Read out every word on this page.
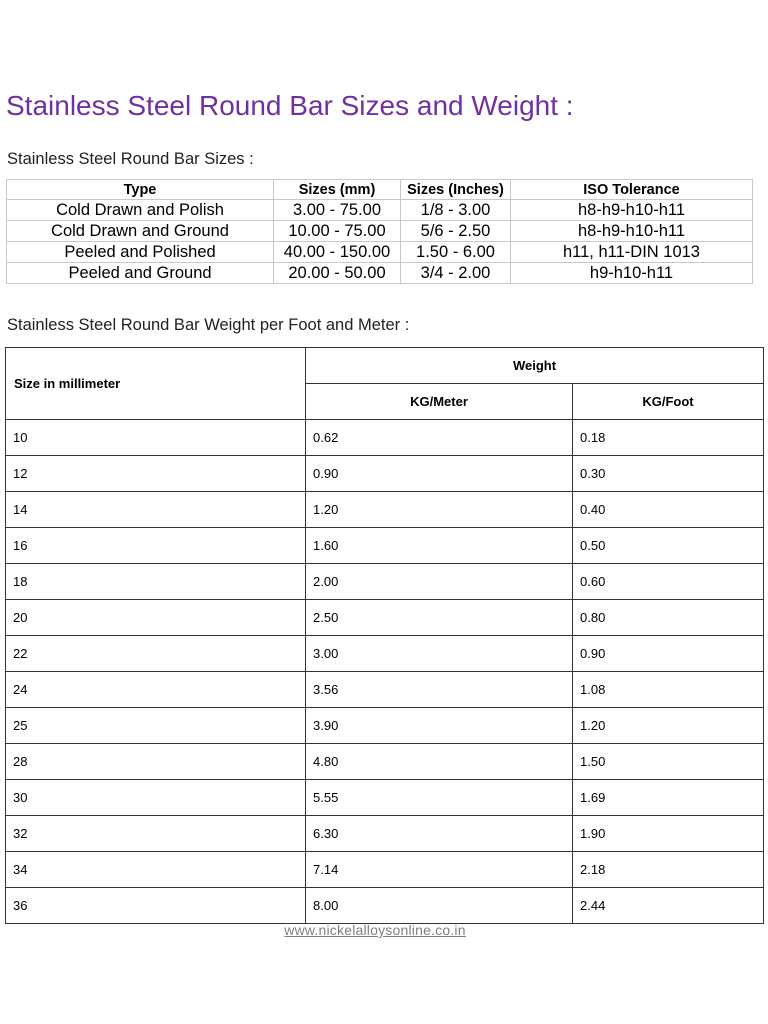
Stainless Steel Round Bar Sizes and Weight :
Stainless Steel Round Bar Sizes :
Type	Sizes (mm)	Sizes (Inches)	ISO Tolerance
Cold Drawn and Polish	3.00 - 75.00	1/8 - 3.00	h8-h9-h10-h11
Cold Drawn and Ground	10.00 - 75.00	5/6 - 2.50	h8-h9-h10-h11
Peeled and Polished	40.00 - 150.00	1.50 - 6.00	h11, h11-DIN 1013
Peeled and Ground	20.00 - 50.00	3/4 - 2.00	h9-h10-h11
Stainless Steel Round Bar Weight per Foot and Meter :
Size in millimeter	Weight	
	KG/Meter	KG/Foot
10	0.62	0.18
12	0.90	0.30
14	1.20	0.40
16	1.60	0.50
18	2.00	0.60
20	2.50	0.80
22	3.00	0.90
24	3.56	1.08
25	3.90	1.20
28	4.80	1.50
30	5.55	1.69
32	6.30	1.90
34	7.14	2.18
36	8.00	2.44
www.nickelalloysonline.co.in
